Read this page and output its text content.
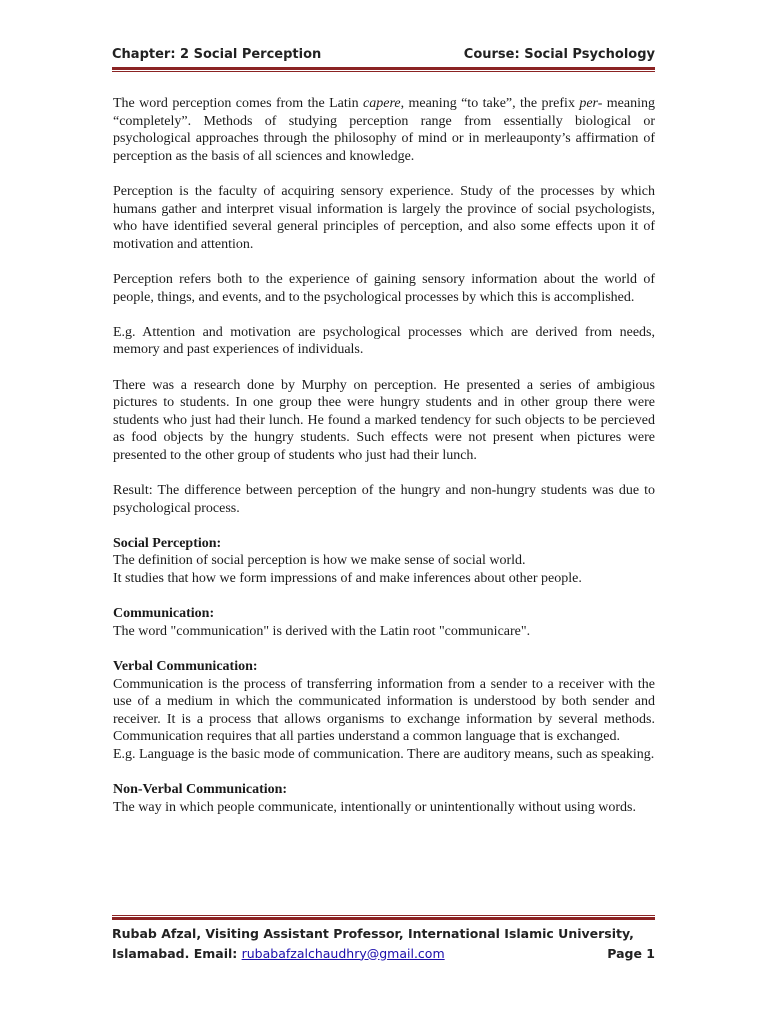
Chapter: 2 Social Perception	Course: Social Psychology

The word perception comes from the Latin capere, meaning “to take”, the prefix per- meaning “completely”. Methods of studying perception range from essentially biological or psychological approaches through the philosophy of mind or in merleauponty’s affirmation of perception as the basis of all sciences and knowledge.

Perception is the faculty of acquiring sensory experience. Study of the processes by which humans gather and interpret visual information is largely the province of social psychologists, who have identified several general principles of perception, and also some effects upon it of motivation and attention.

Perception refers both to the experience of gaining sensory information about the world of people, things, and events, and to the psychological processes by which this is accomplished.

E.g. Attention and motivation are psychological processes which are derived from needs, memory and past experiences of individuals.

There was a research done by Murphy on perception. He presented a series of ambigious pictures to students. In one group thee were hungry students and in other group there were students who just had their lunch. He found a marked tendency for such objects to be percieved as food objects by the hungry students. Such effects were not present when pictures were presented to the other group of students who just had their lunch.

Result: The difference between perception of the hungry and non-hungry students was due to psychological process.

Social Perception:

The definition of social perception is how we make sense of social world.

It studies that how we form impressions of and make inferences about other people.

Communication:

The word "communication" is derived with the Latin root "communicare".

Verbal Communication:

Communication is the process of transferring information from a sender to a receiver with the use of a medium in which the communicated information is understood by both sender and receiver. It is a process that allows organisms to exchange information by several methods. Communication requires that all parties understand a common language that is exchanged.

E.g. Language is the basic mode of communication. There are auditory means, such as speaking.

Non-Verbal Communication:

The way in which people communicate, intentionally or unintentionally without using words.

Rubab Afzal, Visiting Assistant Professor, International Islamic University,
Islamabad. Email: rubabafzalchaudhry@gmail.com	Page 1
